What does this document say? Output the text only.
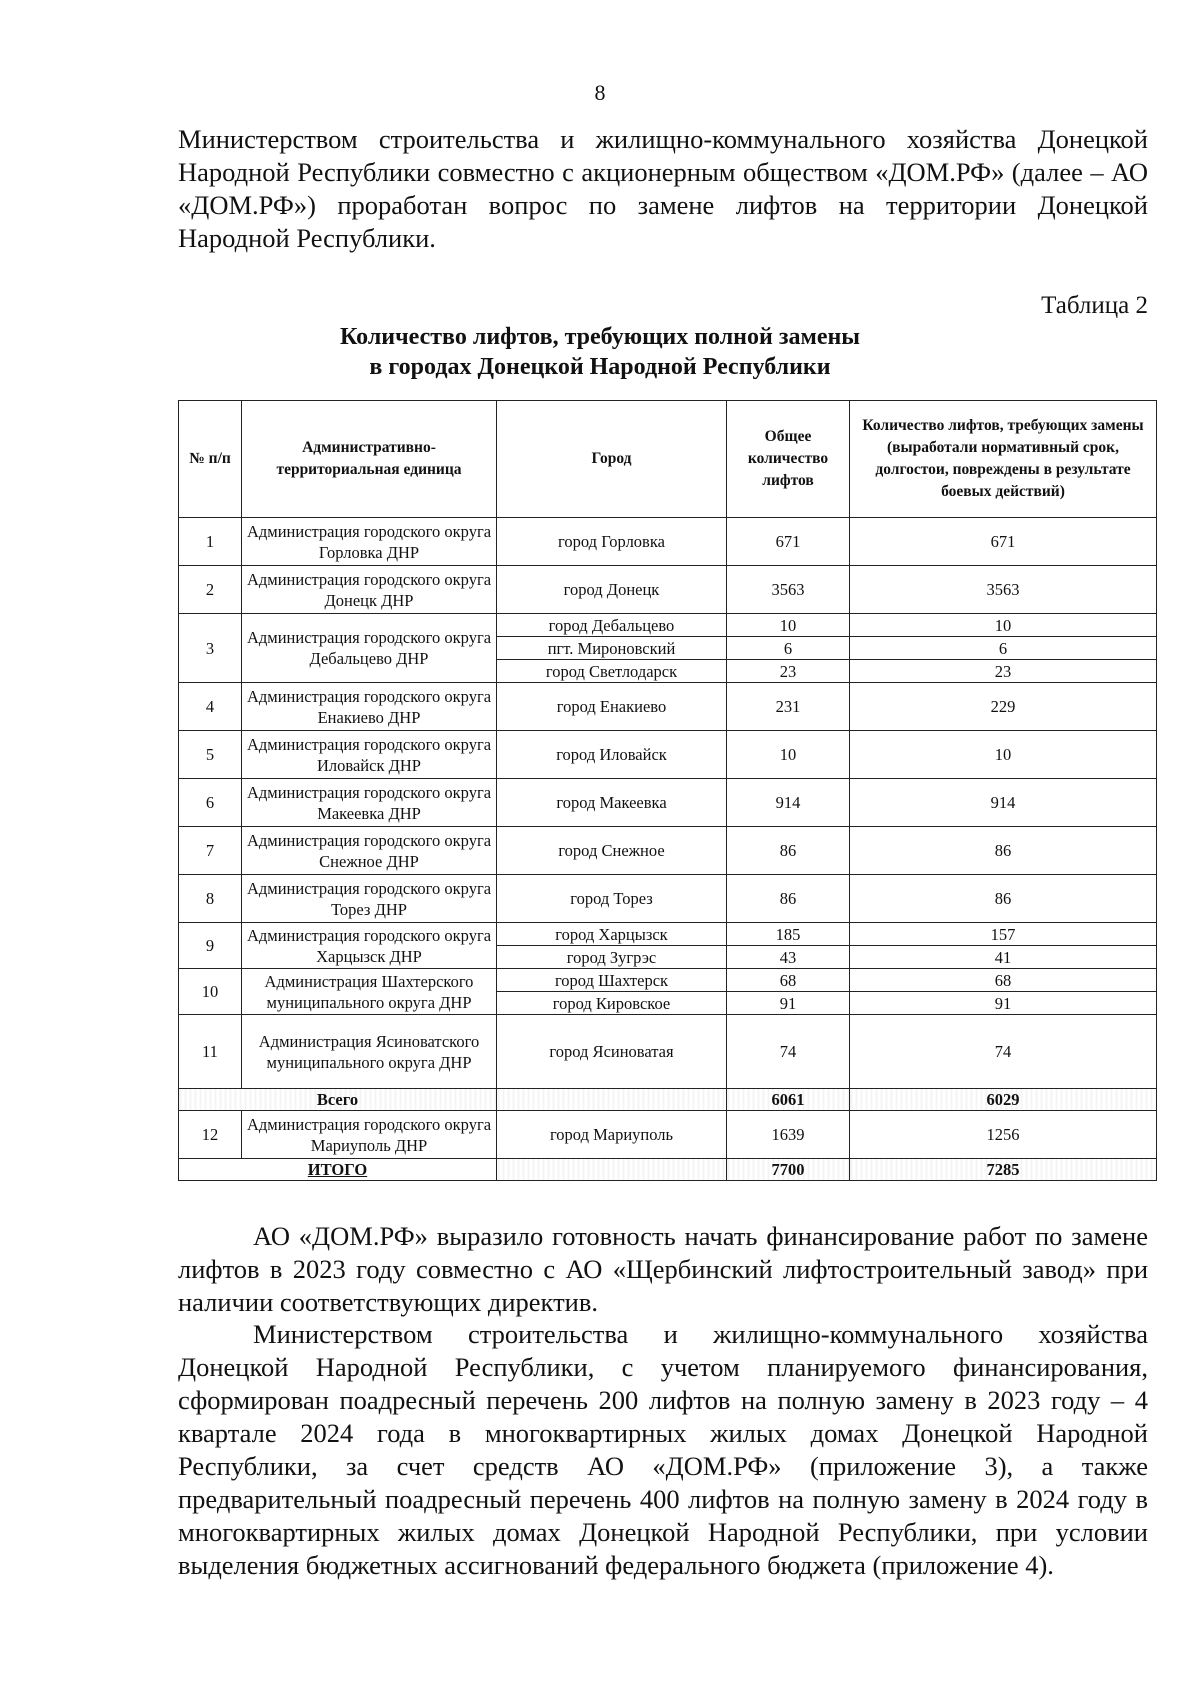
8

Министерством строительства и жилищно-коммунального хозяйства Донецкой Народной Республики совместно с акционерным обществом «ДОМ.РФ» (далее – АО «ДОМ.РФ») проработан вопрос по замене лифтов на территории Донецкой Народной Республики.

Таблица 2
Количество лифтов, требующих полной замены
в городах Донецкой Народной Республики
№ п/п	Административно-территориальная единица	Город	Общее количество лифтов	Количество лифтов, требующих замены (выработали нормативный срок, долгостои, повреждены в результате боевых действий)
1	Администрация городского округа Горловка ДНР	город Горловка	671	671
2	Администрация городского округа Донецк ДНР	город Донецк	3563	3563
3	Администрация городского округа Дебальцево ДНР	город Дебальцево	10	10
		пгт. Мироновский	6	6
		город Светлодарск	23	23
4	Администрация городского округа Енакиево ДНР	город Енакиево	231	229
5	Администрация городского округа Иловайск ДНР	город Иловайск	10	10
6	Администрация городского округа Макеевка ДНР	город Макеевка	914	914
7	Администрация городского округа Снежное ДНР	город Снежное	86	86
8	Администрация городского округа Торез ДНР	город Торез	86	86
9	Администрация городского округа Харцызск ДНР	город Харцызск	185	157
		город Зугрэс	43	41
10	Администрация Шахтерского муниципального округа ДНР	город Шахтерск	68	68
		город Кировское	91	91
11	Администрация Ясиноватского муниципального округа ДНР	город Ясиноватая	74	74
Всего			6061	6029
12	Администрация городского округа Мариуполь ДНР	город Мариуполь	1639	1256
ИТОГО			7700	7285

АО «ДОМ.РФ» выразило готовность начать финансирование работ по замене лифтов в 2023 году совместно с АО «Щербинский лифтостроительный завод» при наличии соответствующих директив.

Министерством строительства и жилищно-коммунального хозяйства Донецкой Народной Республики, с учетом планируемого финансирования, сформирован поадресный перечень 200 лифтов на полную замену в 2023 году – 4 квартале 2024 года в многоквартирных жилых домах Донецкой Народной Республики, за счет средств АО «ДОМ.РФ» (приложение 3), а также предварительный поадресный перечень 400 лифтов на полную замену в 2024 году в многоквартирных жилых домах Донецкой Народной Республики, при условии выделения бюджетных ассигнований федерального бюджета (приложение 4).
